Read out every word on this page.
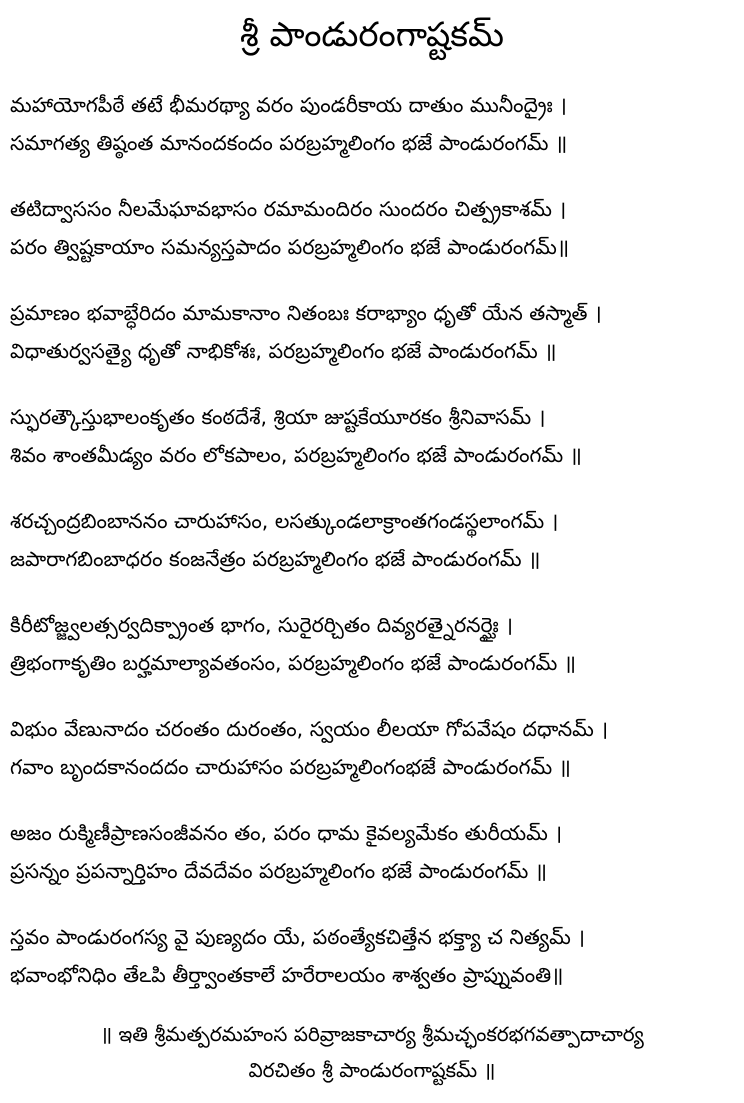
శ్రీ పాండురంగాష్టకమ్
మహాయోగపీఠే తటే భీమరథ్యా వరం పుండరీకాయ దాతుం మునీంద్రైః ।
సమాగత్య తిష్ఠంత మానందకందం పరబ్రహ్మలింగం భజే పాండురంగమ్ ॥
తటిద్వాససం నీలమేఘావభాసం రమామందిరం సుందరం చిత్ప్రకాశమ్ ।
పరం త్విష్టకాయాం సమన్యస్తపాదం పరబ్రహ్మలింగం భజే పాండురంగమ్॥
ప్రమాణం భవాబ్ధేరిదం మామకానాం నితంబః కరాభ్యాం ధృతో యేన తస్మాత్ ।
విధాతుర్వసత్యై ధృతో నాభికోశః, పరబ్రహ్మలింగం భజే పాండురంగమ్ ॥
స్ఫురత్కౌస్తుభాలంకృతం కంఠదేశే, శ్రియా జుష్టకేయూరకం శ్రీనివాసమ్ ।
శివం శాంతమీడ్యం వరం లోకపాలం, పరబ్రహ్మలింగం భజే పాండురంగమ్ ॥
శరచ్చంద్రబింబాననం చారుహాసం, లసత్కుండలాక్రాంతగండస్థలాంగమ్ ।
జపారాగబింబాధరం కంజనేత్రం పరబ్రహ్మలింగం భజే పాండురంగమ్ ॥
కిరీటోజ్జ్వలత్సర్వదిక్ప్రాంత భాగం, సురైరర్చితం దివ్యరత్నైరనర్ఘైః ।
త్రిభంగాకృతిం బర్హమాల్యావతంసం, పరబ్రహ్మలింగం భజే పాండురంగమ్ ॥
విభుం వేణునాదం చరంతం దురంతం, స్వయం లీలయా గోపవేషం దధానమ్ ।
గవాం బృందకానందదం చారుహాసం పరబ్రహ్మలింగంభజే పాండురంగమ్ ॥
అజం రుక్మిణీప్రాణసంజీవనం తం, పరం ధామ కైవల్యమేకం తురీయమ్ ।
ప్రసన్నం ప్రపన్నార్తిహం దేవదేవం పరబ్రహ్మలింగం భజే పాండురంగమ్ ॥
స్తవం పాండురంగస్య వై పుణ్యదం యే, పఠంత్యేకచిత్తేన భక్త్యా చ నిత్యమ్ ।
భవాంభోనిధిం తేఽపి తీర్త్వాంతకాలే హరేరాలయం శాశ్వతం ప్రాప్నువంతి॥
॥ ఇతి శ్రీమత్పరమహంస పరివ్రాజకాచార్య శ్రీమచ్ఛంకరభగవత్పాదాచార్య
విరచితం శ్రీ పాండురంగాష్టకమ్ ॥
